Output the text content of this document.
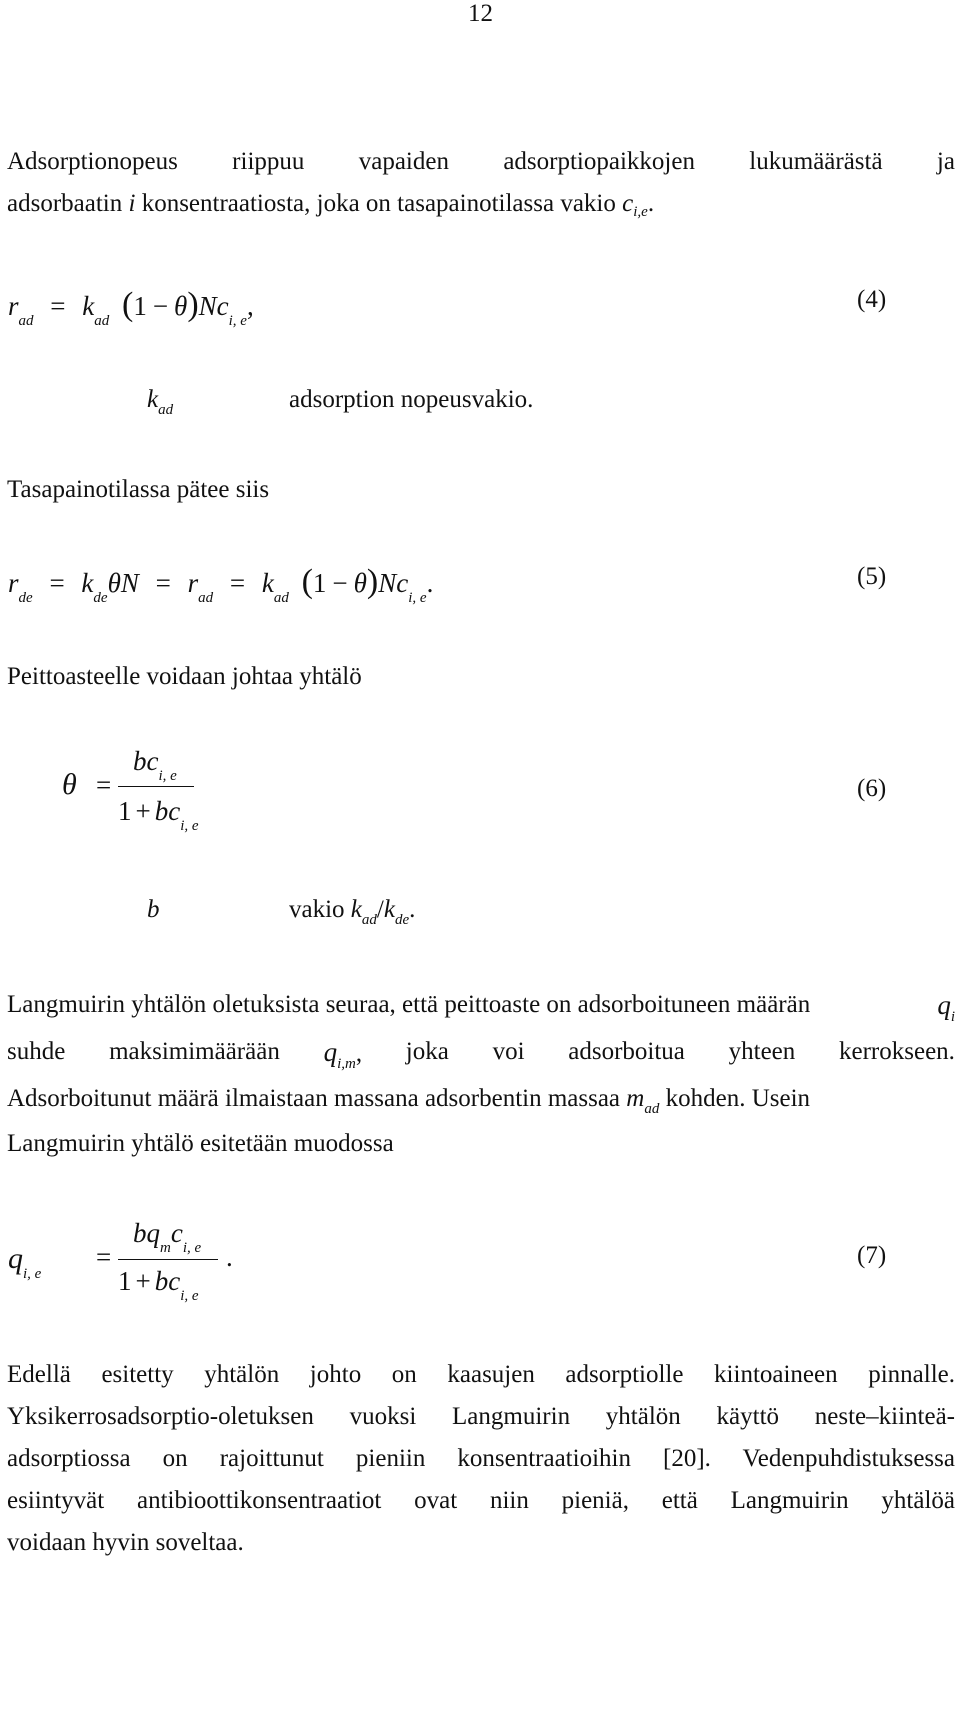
12
Adsorptionopeus riippuu vapaiden adsorptiopaikkojen lukumäärästä ja
adsorbaatin i konsentraatiosta, joka on tasapainotilassa vakio $c_{i,e}$.
$r_{ad} = k_{ad}$ $(1 - \theta)Nc_{i, e}$,	(4)
$k_{ad}$	adsorption nopeusvakio.
Tasapainotilassa pätee siis
$r_{de} = k_{de}\theta N = r_{ad} = k_{ad}$ $(1 - \theta)Nc_{i, e}$.	(5)
Peittoasteelle voidaan johtaa yhtälö
θ =
$bc_{i, e}$
$1 + bc_{i, e}$
(6)
b	vakio $k_{ad}/k_{de}$.
Langmuirin yhtälön oletuksista seuraa, että peittoaste on adsorboituneen määrän	$q_i$
suhde maksimimäärään $q_{i,m}$, joka voi adsorboitua yhteen kerrokseen.
Adsorboitunut määrä ilmaistaan massana adsorbentin massaa $m_{ad}$ kohden. Usein
Langmuirin yhtälö esitetään muodossa
$q_{i, e}$
=
$bq_mc_{i, e}$
$1 + bc_{i, e}$
.	(7)
Edellä esitetty yhtälön johto on kaasujen adsorptiolle kiintoaineen pinnalle.
Yksikerrosadsorptio-oletuksen vuoksi Langmuirin yhtälön käyttö neste–kiinteä-
adsorptiossa on rajoittunut pieniin konsentraatioihin [20]. Vedenpuhdistuksessa
esiintyvät antibioottikonsentraatiot ovat niin pieniä, että Langmuirin yhtälöä
voidaan hyvin soveltaa.
